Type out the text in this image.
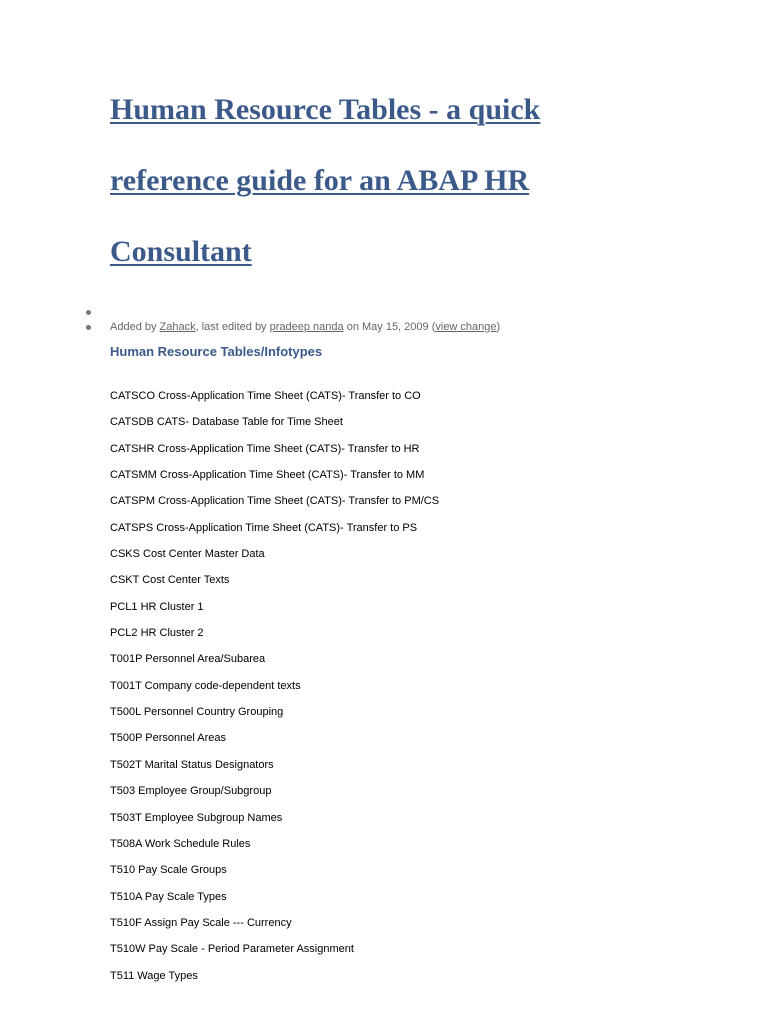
Human Resource Tables - a quick
reference guide for an ABAP HR
Consultant
Added by Zahack, last edited by pradeep nanda on May 15, 2009 (view change)
Human Resource Tables/Infotypes
CATSCO Cross-Application Time Sheet (CATS)- Transfer to CO
CATSDB CATS- Database Table for Time Sheet
CATSHR Cross-Application Time Sheet (CATS)- Transfer to HR
CATSMM Cross-Application Time Sheet (CATS)- Transfer to MM
CATSPM Cross-Application Time Sheet (CATS)- Transfer to PM/CS
CATSPS Cross-Application Time Sheet (CATS)- Transfer to PS
CSKS Cost Center Master Data
CSKT Cost Center Texts
PCL1 HR Cluster 1
PCL2 HR Cluster 2
T001P Personnel Area/Subarea
T001T Company code-dependent texts
T500L Personnel Country Grouping
T500P Personnel Areas
T502T Marital Status Designators
T503 Employee Group/Subgroup
T503T Employee Subgroup Names
T508A Work Schedule Rules
T510 Pay Scale Groups
T510A Pay Scale Types
T510F Assign Pay Scale --- Currency
T510W Pay Scale - Period Parameter Assignment
T511 Wage Types
